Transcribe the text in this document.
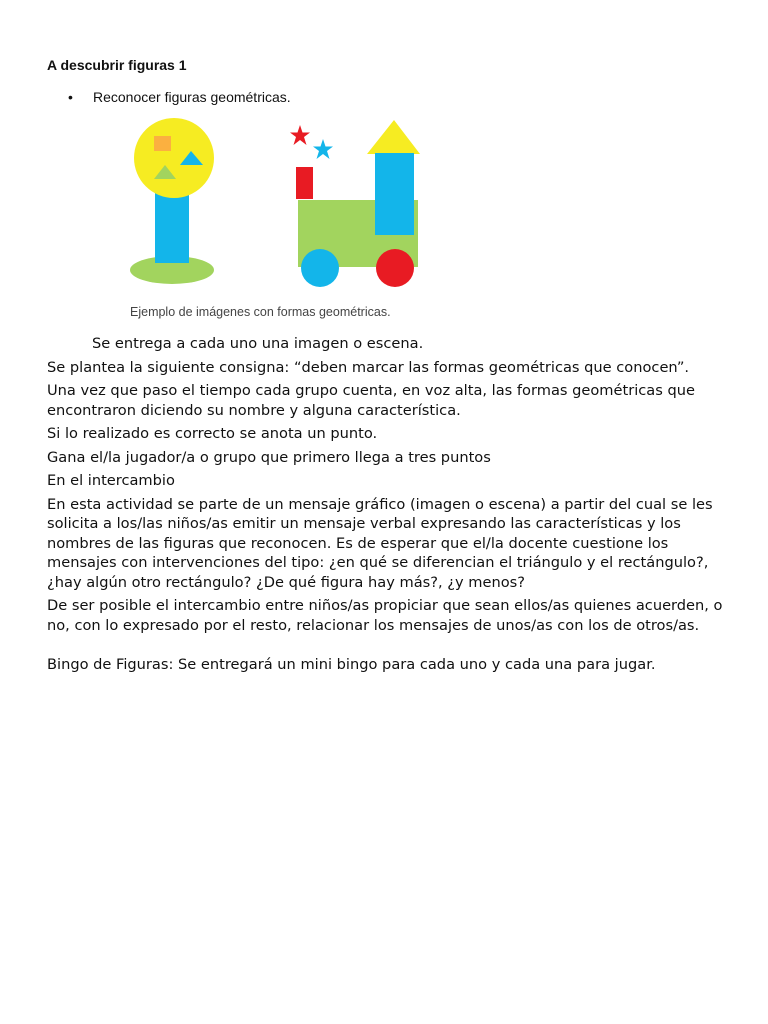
A descubrir figuras 1
•	Reconocer figuras geométricas.
Ejemplo de imágenes con formas geométricas.

Se entrega a cada uno una imagen o escena.

Se plantea la siguiente consigna: “deben marcar las formas geométricas que conocen”.

Una vez que paso el tiempo cada grupo cuenta, en voz alta, las formas geométricas que encontraron diciendo su nombre y alguna característica.

Si lo realizado es correcto se anota un punto.

Gana el/la jugador/a o grupo que primero llega a tres puntos

En el intercambio

En esta actividad se parte de un mensaje gráfico (imagen o escena) a partir del cual se les solicita a los/las niños/as emitir un mensaje verbal expresando las características y los nombres de las figuras que reconocen. Es de esperar que el/la docente cuestione los mensajes con intervenciones del tipo: ¿en qué se diferencian el triángulo y el rectángulo?, ¿hay algún otro rectángulo? ¿De qué figura hay más?, ¿y menos?

De ser posible el intercambio entre niños/as propiciar que sean ellos/as quienes acuerden, o no, con lo expresado por el resto, relacionar los mensajes de unos/as con los de otros/as.

Bingo de Figuras: Se entregará un mini bingo para cada uno y cada una para jugar.
